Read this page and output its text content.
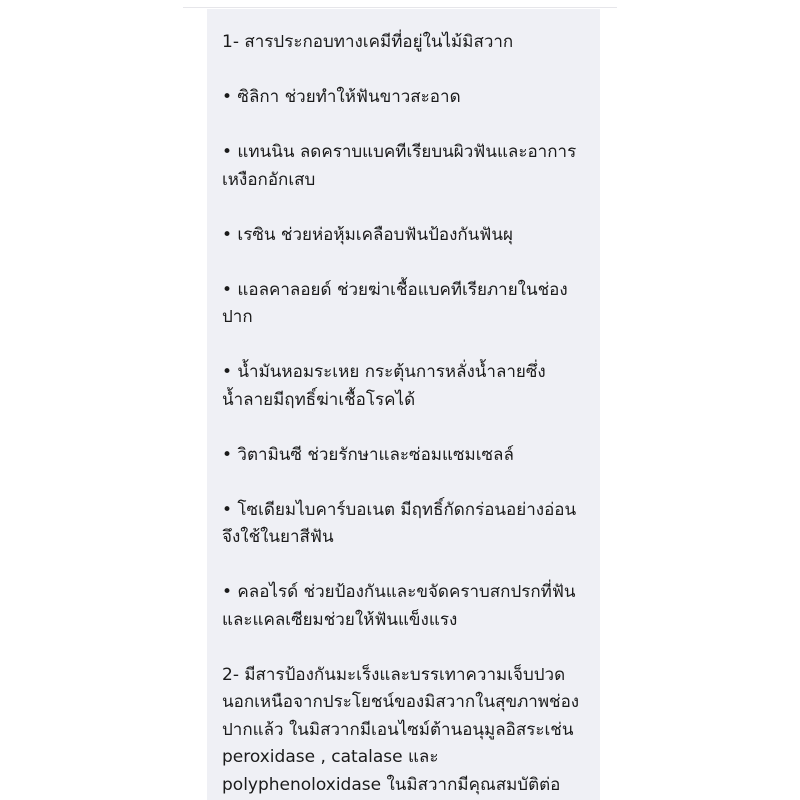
1- สารประกอบทางเคมีที่อยู่ในไม้มิสวาก
• ซิลิกา ช่วยทำให้ฟันขาวสะอาด
• แทนนิน ลดคราบแบคทีเรียบนผิวฟันและอาการ
เหงือกอักเสบ
• เรซิน ช่วยห่อหุ้มเคลือบฟันป้องกันฟันผุ
• แอลคาลอยด์ ช่วยฆ่าเชื้อแบคทีเรียภายในช่อง
ปาก
• น้ำมันหอมระเหย กระตุ้นการหลั่งน้ำลายซึ่ง
น้ำลายมีฤทธิ์ฆ่าเชื้อโรคได้
• วิตามินซี ช่วยรักษาและซ่อมแซมเซลล์
• โซเดียมไบคาร์บอเนต มีฤทธิ์กัดกร่อนอย่างอ่อน
จึงใช้ในยาสีฟัน
• คลอไรด์ ช่วยป้องกันและขจัดคราบสกปรกที่ฟัน
และแคลเซียมช่วยให้ฟันแข็งแรง
2- มีสารป้องกันมะเร็งและบรรเทาความเจ็บปวด
นอกเหนือจากประโยชน์ของมิสวากในสุขภาพช่อง
ปากแล้ว ในมิสวากมีเอนไซม์ต้านอนุมูลอิสระเช่น
peroxidase , catalase และ
polyphenoloxidase ในมิสวากมีคุณสมบัติต่อ
